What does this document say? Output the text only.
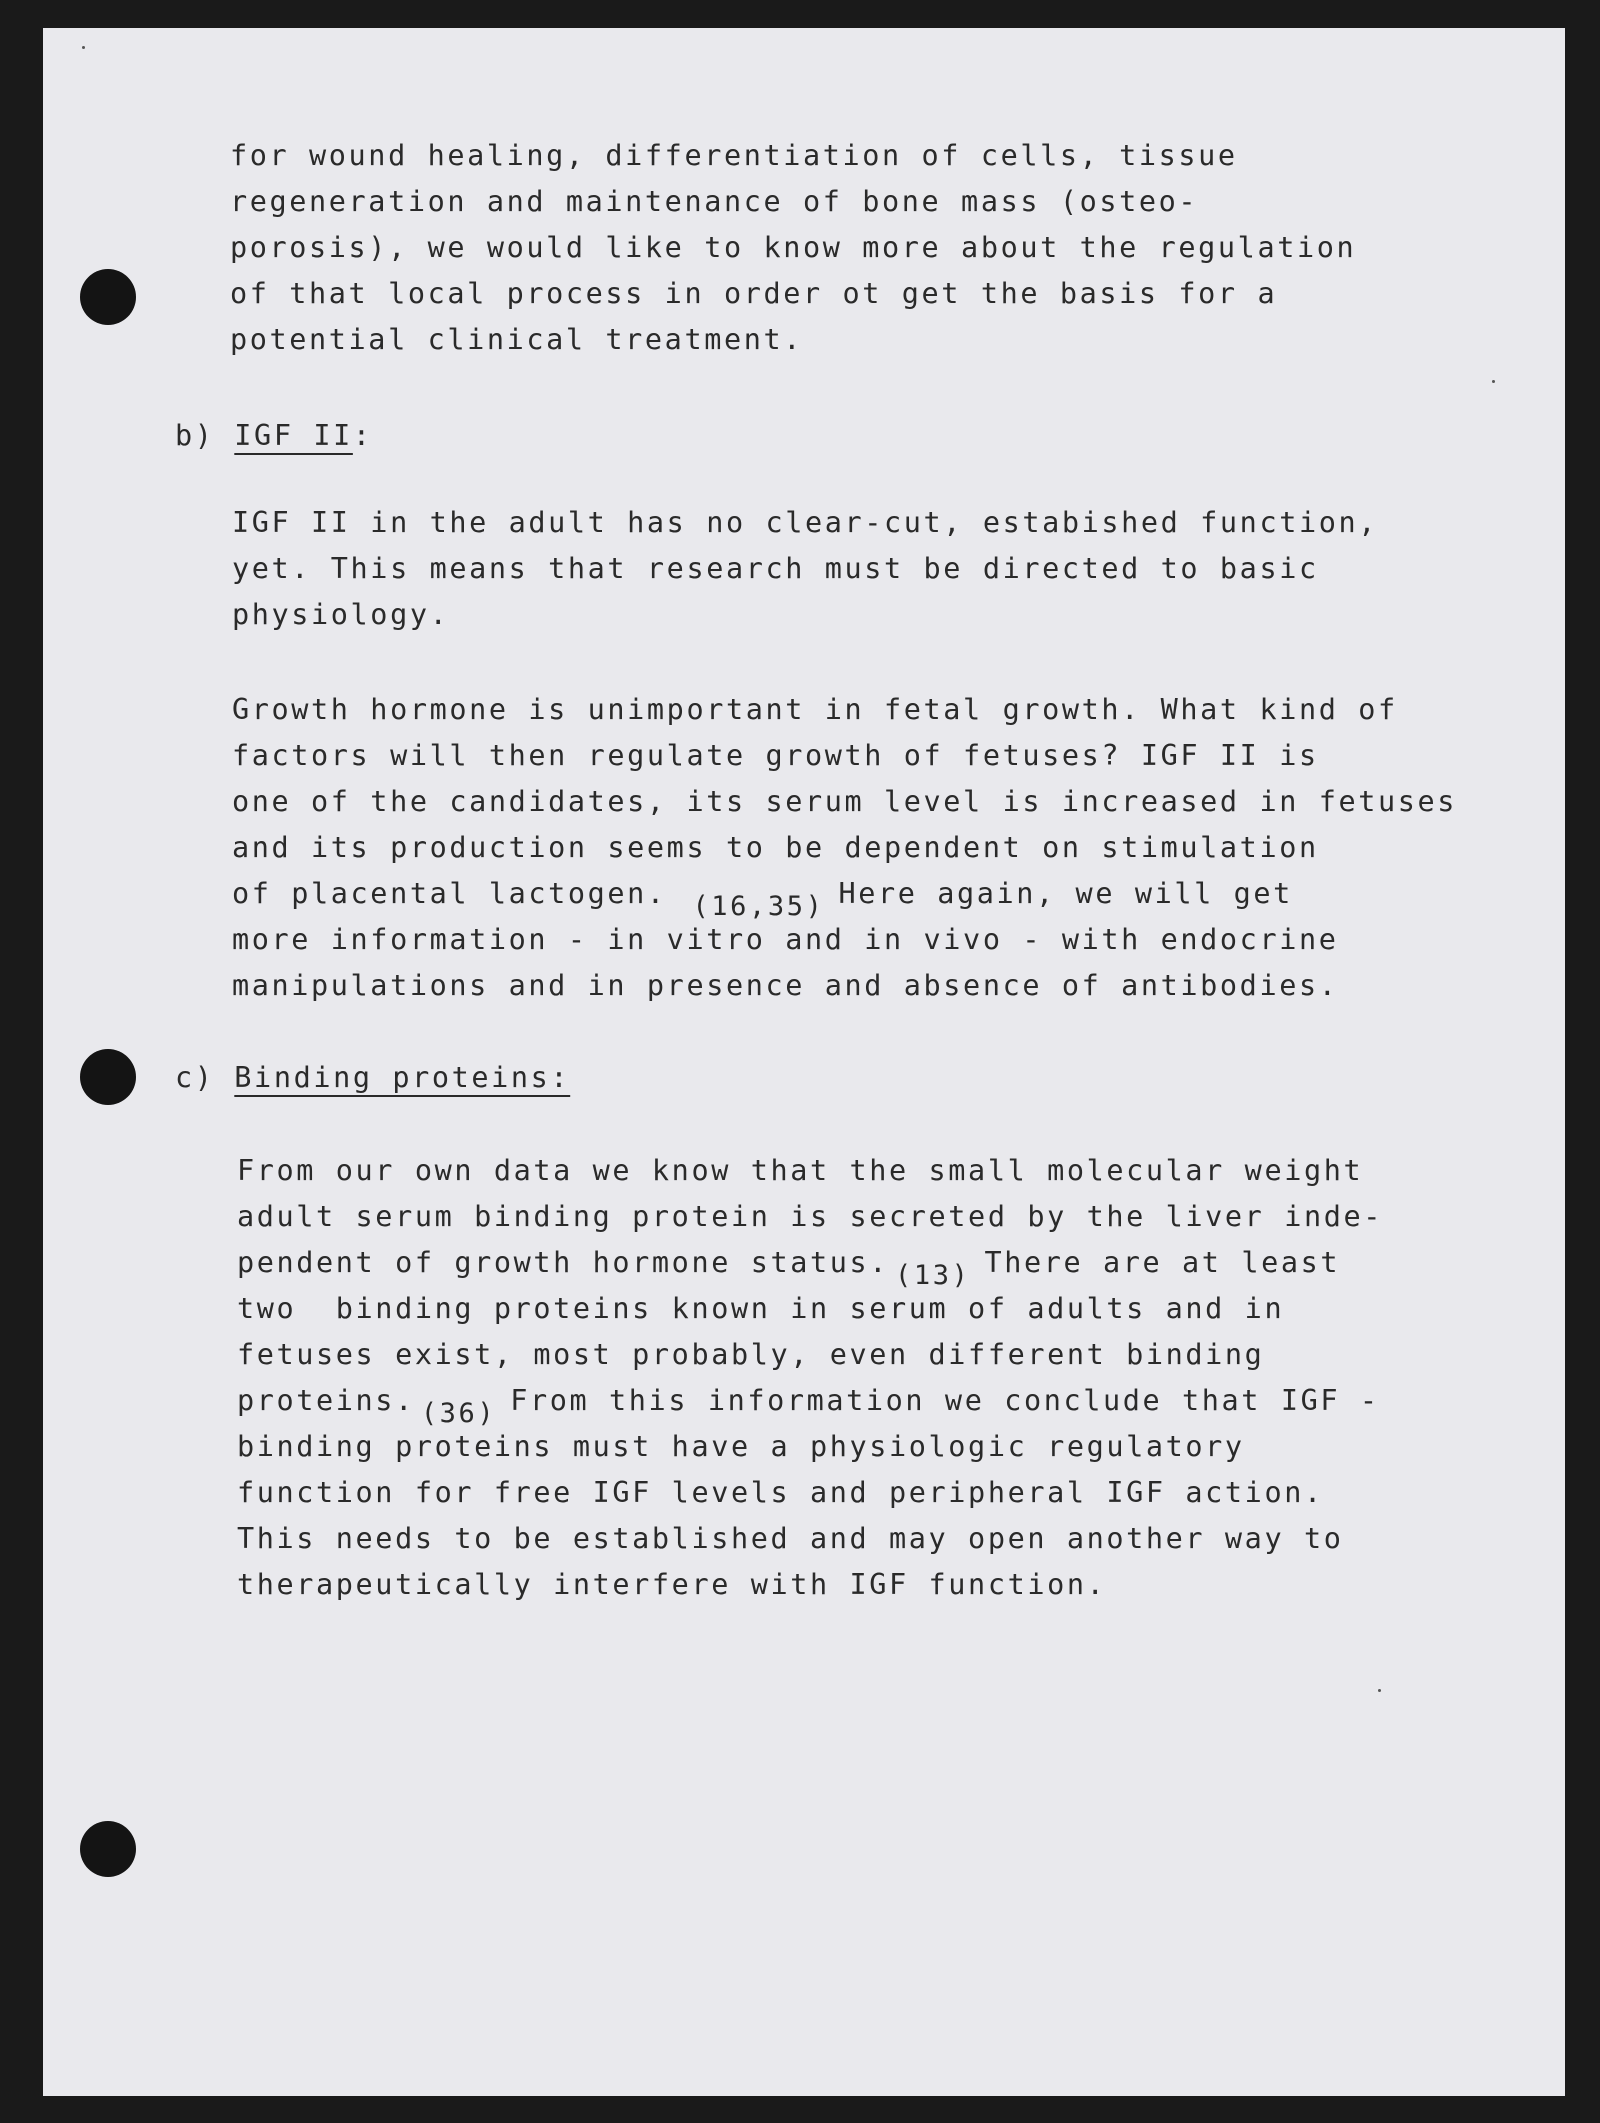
for wound healing, differentiation of cells, tissue
regeneration and maintenance of bone mass (osteo-
porosis), we would like to know more about the regulation
of that local process in order ot get the basis for a
potential clinical treatment.
b) IGF II:
IGF II in the adult has no clear-cut, estabished function,
yet. This means that research must be directed to basic
physiology.
Growth hormone is unimportant in fetal growth. What kind of
factors will then regulate growth of fetuses? IGF II is
one of the candidates, its serum level is increased in fetuses
and its production seems to be dependent on stimulation
of placental lactogen. (16,35) Here again, we will get
more information - in vitro and in vivo - with endocrine
manipulations and in presence and absence of antibodies.
c) Binding proteins:
From our own data we know that the small molecular weight
adult serum binding protein is secreted by the liver inde-
pendent of growth hormone status. (13) There are at least
two  binding proteins known in serum of adults and in
fetuses exist, most probably, even different binding
proteins. (36) From this information we conclude that IGF -
binding proteins must have a physiologic regulatory
function for free IGF levels and peripheral IGF action.
This needs to be established and may open another way to
therapeutically interfere with IGF function.
